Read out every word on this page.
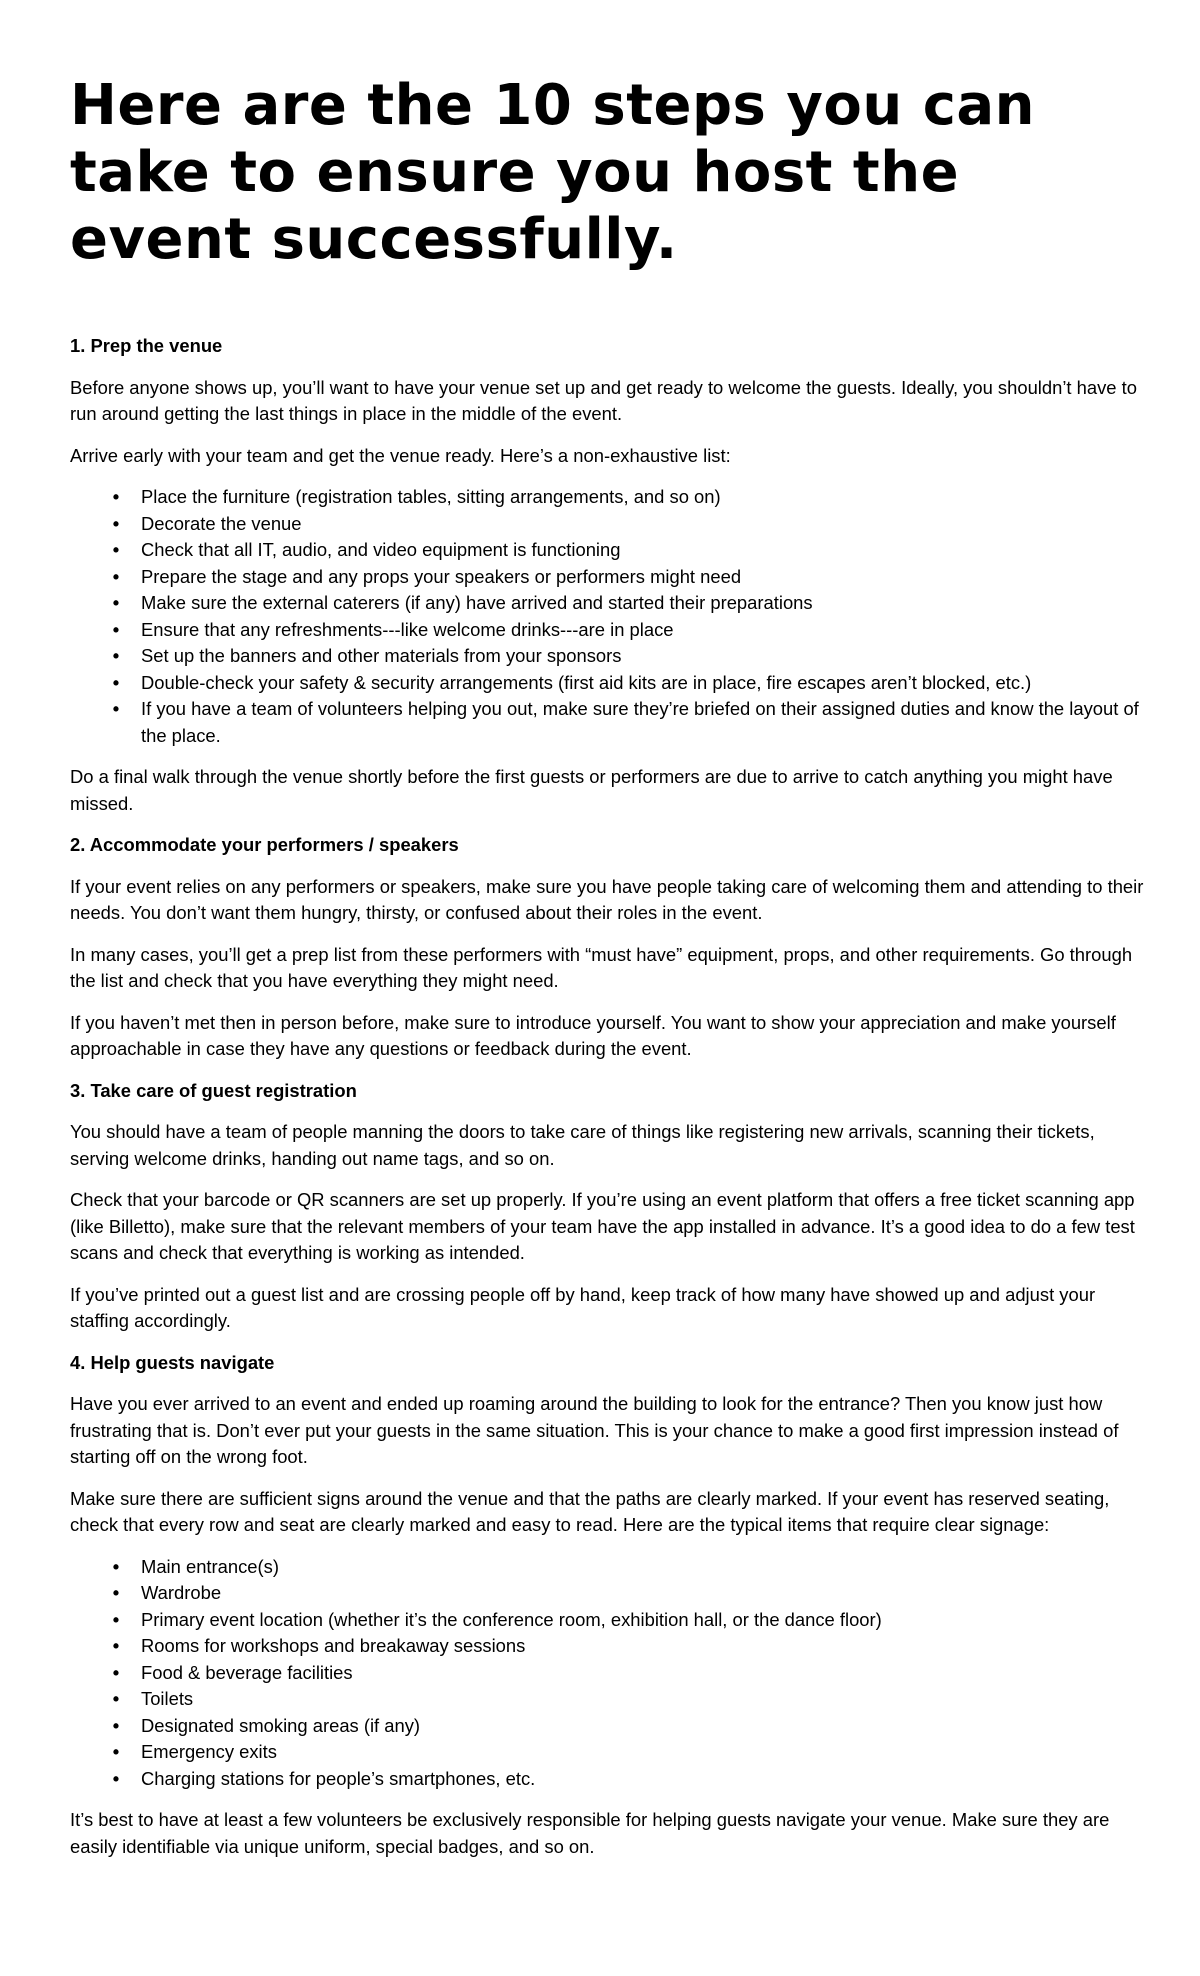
Here are the 10 steps you can take to ensure you host the event successfully.
1. Prep the venue

Before anyone shows up, you’ll want to have your venue set up and get ready to welcome the guests. Ideally, you shouldn’t have to run around getting the last things in place in the middle of the event.

Arrive early with your team and get the venue ready. Here’s a non-exhaustive list:

• Place the furniture (registration tables, sitting arrangements, and so on)
• Decorate the venue
• Check that all IT, audio, and video equipment is functioning
• Prepare the stage and any props your speakers or performers might need
• Make sure the external caterers (if any) have arrived and started their preparations
• Ensure that any refreshments---like welcome drinks---are in place
• Set up the banners and other materials from your sponsors
• Double-check your safety & security arrangements (first aid kits are in place, fire escapes aren’t blocked, etc.)
• If you have a team of volunteers helping you out, make sure they’re briefed on their assigned duties and know the layout of the place.

Do a final walk through the venue shortly before the first guests or performers are due to arrive to catch anything you might have missed.

2. Accommodate your performers / speakers

If your event relies on any performers or speakers, make sure you have people taking care of welcoming them and attending to their needs. You don’t want them hungry, thirsty, or confused about their roles in the event.

In many cases, you’ll get a prep list from these performers with “must have” equipment, props, and other requirements. Go through the list and check that you have everything they might need.

If you haven’t met then in person before, make sure to introduce yourself. You want to show your appreciation and make yourself approachable in case they have any questions or feedback during the event.

3. Take care of guest registration

You should have a team of people manning the doors to take care of things like registering new arrivals, scanning their tickets, serving welcome drinks, handing out name tags, and so on.

Check that your barcode or QR scanners are set up properly. If you’re using an event platform that offers a free ticket scanning app (like Billetto), make sure that the relevant members of your team have the app installed in advance. It’s a good idea to do a few test scans and check that everything is working as intended.

If you’ve printed out a guest list and are crossing people off by hand, keep track of how many have showed up and adjust your staffing accordingly.

4. Help guests navigate

Have you ever arrived to an event and ended up roaming around the building to look for the entrance? Then you know just how frustrating that is. Don’t ever put your guests in the same situation. This is your chance to make a good first impression instead of starting off on the wrong foot.

Make sure there are sufficient signs around the venue and that the paths are clearly marked. If your event has reserved seating, check that every row and seat are clearly marked and easy to read. Here are the typical items that require clear signage:

• Main entrance(s)
• Wardrobe
• Primary event location (whether it’s the conference room, exhibition hall, or the dance floor)
• Rooms for workshops and breakaway sessions
• Food & beverage facilities
• Toilets
• Designated smoking areas (if any)
• Emergency exits
• Charging stations for people’s smartphones, etc.

It’s best to have at least a few volunteers be exclusively responsible for helping guests navigate your venue. Make sure they are easily identifiable via unique uniform, special badges, and so on.
